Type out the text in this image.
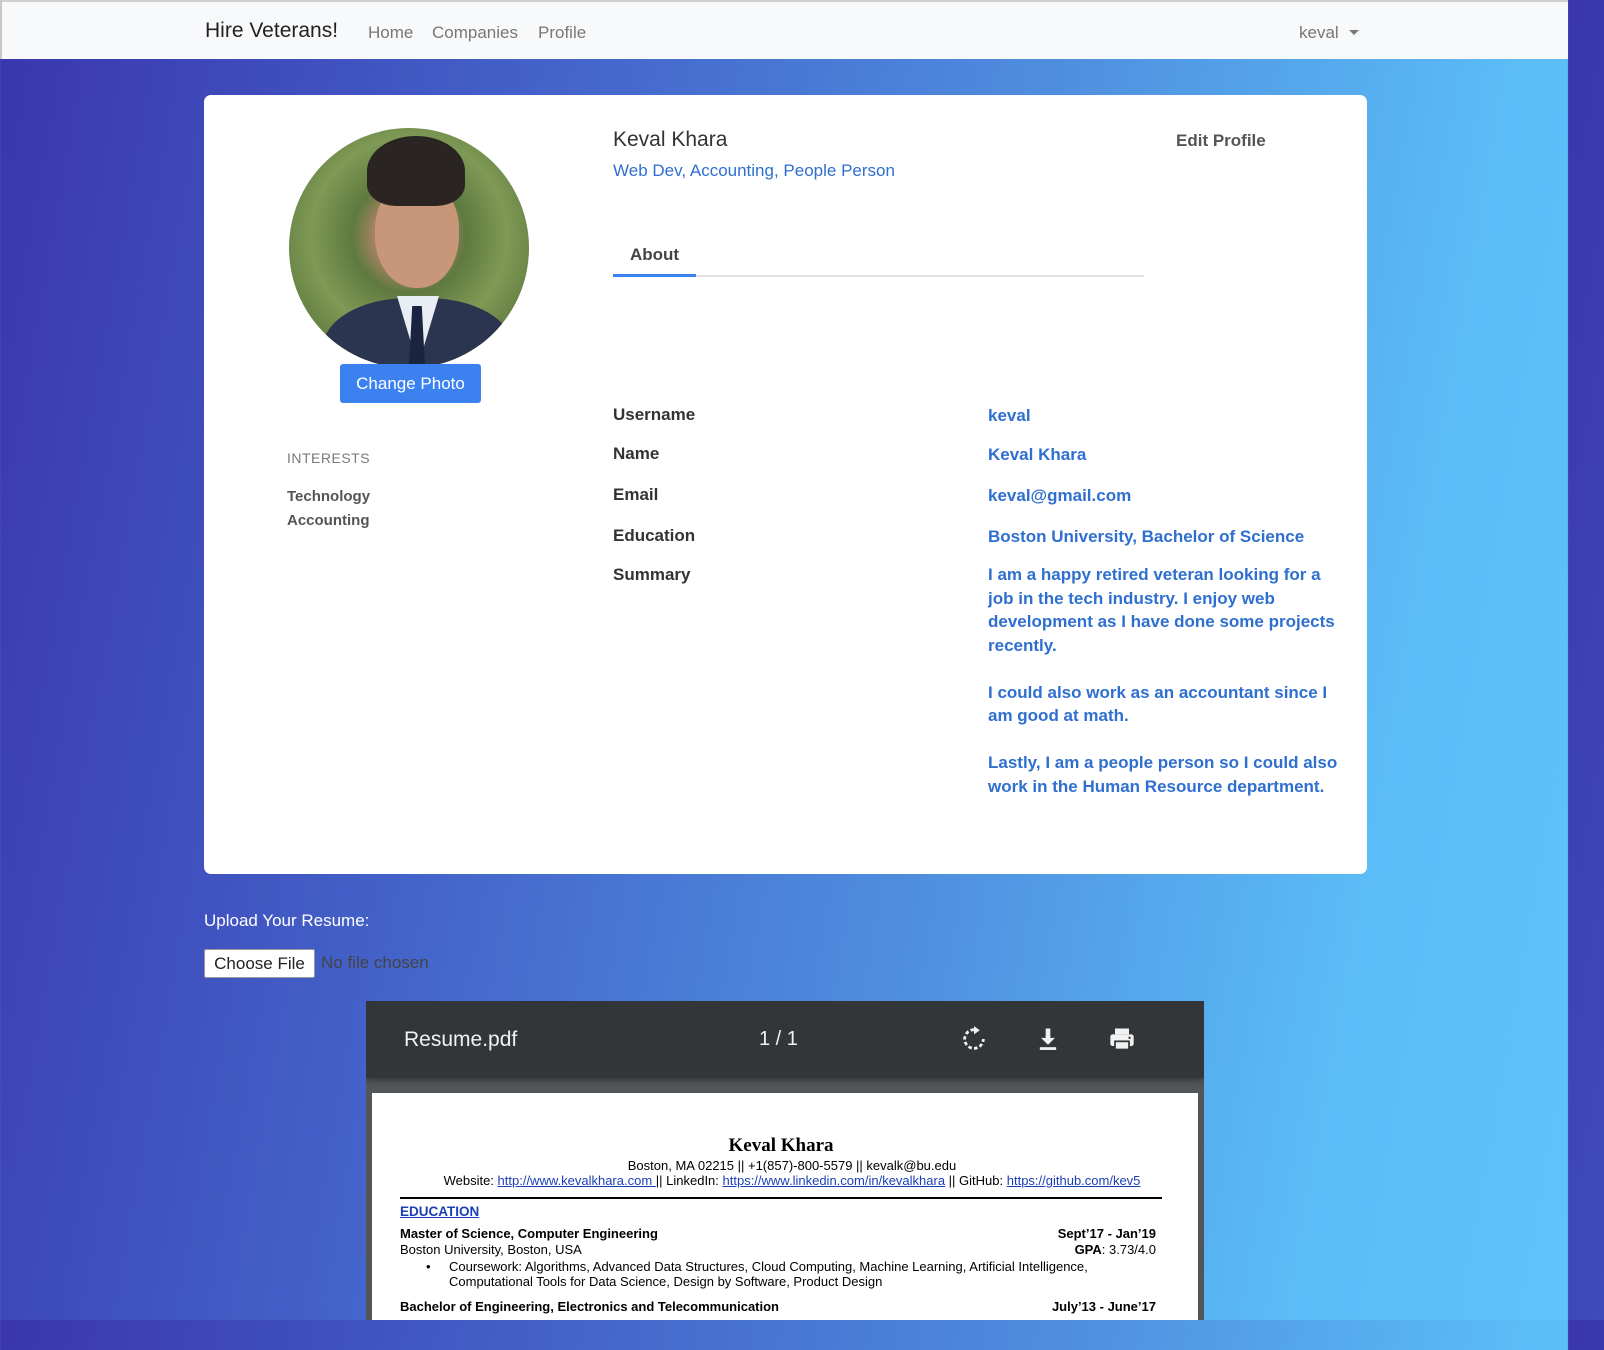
Hire Veterans! Home Companies Profile	keval
Change Photo
INTERESTS
Technology
Accounting
Keval Khara
Web Dev, Accounting, People Person
Edit Profile
About
Username	keval
Name	Keval Khara
Email	keval@gmail.com
Education	Boston University, Bachelor of Science
Summary	I am a happy retired veteran looking for a job in the tech industry. I enjoy web development as I have done some projects recently.

I could also work as an accountant since I am good at math.

Lastly, I am a people person so I could also work in the Human Resource department.

Upload Your Resume:
Choose File No file chosen
Resume.pdf	1 / 1
Keval Khara
Boston, MA 02215 || +1(857)-800-5579 || kevalk@bu.edu
Website: http://www.kevalkhara.com || LinkedIn: https://www.linkedin.com/in/kevalkhara || GitHub: https://github.com/kev5
EDUCATION
Master of Science, Computer Engineering	Sept’17 - Jan’19
Boston University, Boston, USA	GPA: 3.73/4.0
• Coursework: Algorithms, Advanced Data Structures, Cloud Computing, Machine Learning, Artificial Intelligence, Computational Tools for Data Science, Design by Software, Product Design
Bachelor of Engineering, Electronics and Telecommunication	July’13 - June’17
